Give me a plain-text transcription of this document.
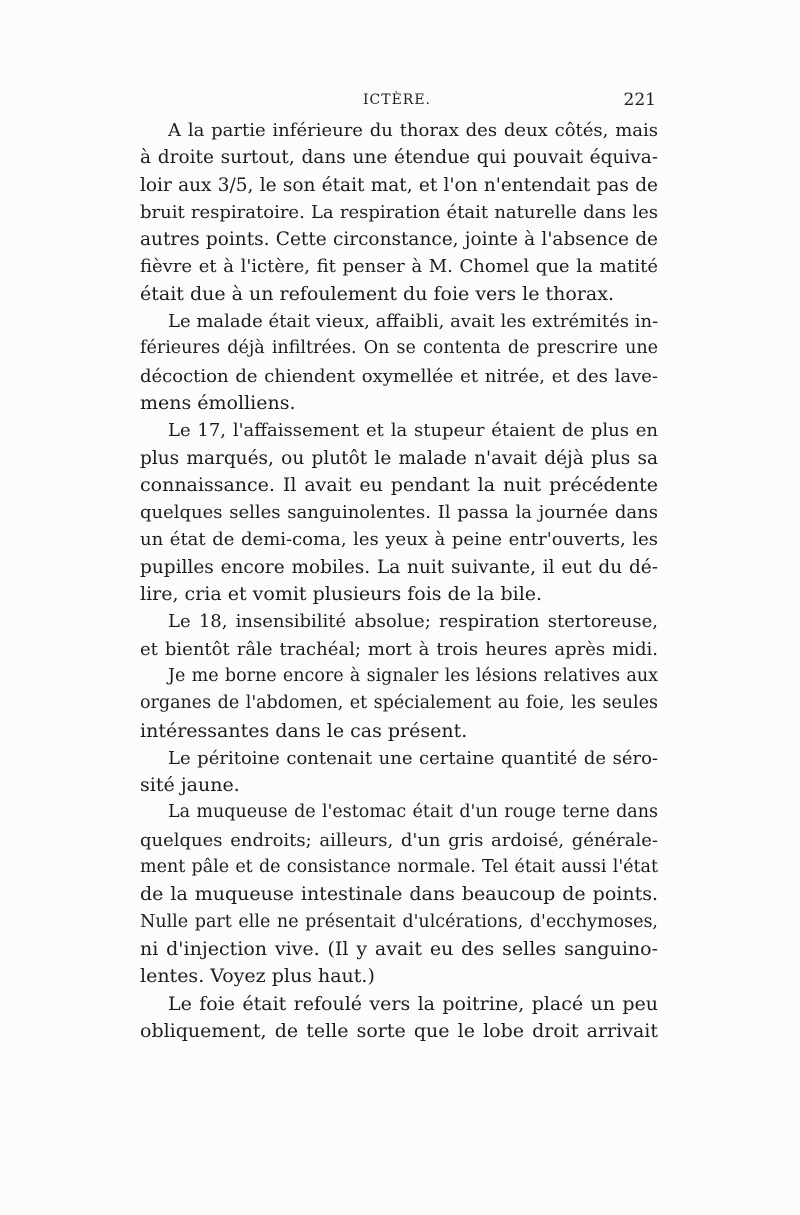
ICTÈRE.	221
A la partie inférieure du thorax des deux côtés, mais
à droite surtout, dans une étendue qui pouvait équiva-
loir aux 3/5, le son était mat, et l'on n'entendait pas de
bruit respiratoire. La respiration était naturelle dans les
autres points. Cette circonstance, jointe à l'absence de
fièvre et à l'ictère, fit penser à M. Chomel que la matité
était due à un refoulement du foie vers le thorax.
Le malade était vieux, affaibli, avait les extrémités in-
férieures déjà infiltrées. On se contenta de prescrire une
décoction de chiendent oxymellée et nitrée, et des lave-
mens émolliens.
Le 17, l'affaissement et la stupeur étaient de plus en
plus marqués, ou plutôt le malade n'avait déjà plus sa
connaissance. Il avait eu pendant la nuit précédente
quelques selles sanguinolentes. Il passa la journée dans
un état de demi-coma, les yeux à peine entr'ouverts, les
pupilles encore mobiles. La nuit suivante, il eut du dé-
lire, cria et vomit plusieurs fois de la bile.
Le 18, insensibilité absolue; respiration stertoreuse,
et bientôt râle trachéal; mort à trois heures après midi.
Je me borne encore à signaler les lésions relatives aux
organes de l'abdomen, et spécialement au foie, les seules
intéressantes dans le cas présent.
Le péritoine contenait une certaine quantité de séro-
sité jaune.
La muqueuse de l'estomac était d'un rouge terne dans
quelques endroits; ailleurs, d'un gris ardoisé, générale-
ment pâle et de consistance normale. Tel était aussi l'état
de la muqueuse intestinale dans beaucoup de points.
Nulle part elle ne présentait d'ulcérations, d'ecchymoses,
ni d'injection vive. (Il y avait eu des selles sanguino-
lentes. Voyez plus haut.)
Le foie était refoulé vers la poitrine, placé un peu
obliquement, de telle sorte que le lobe droit arrivait
